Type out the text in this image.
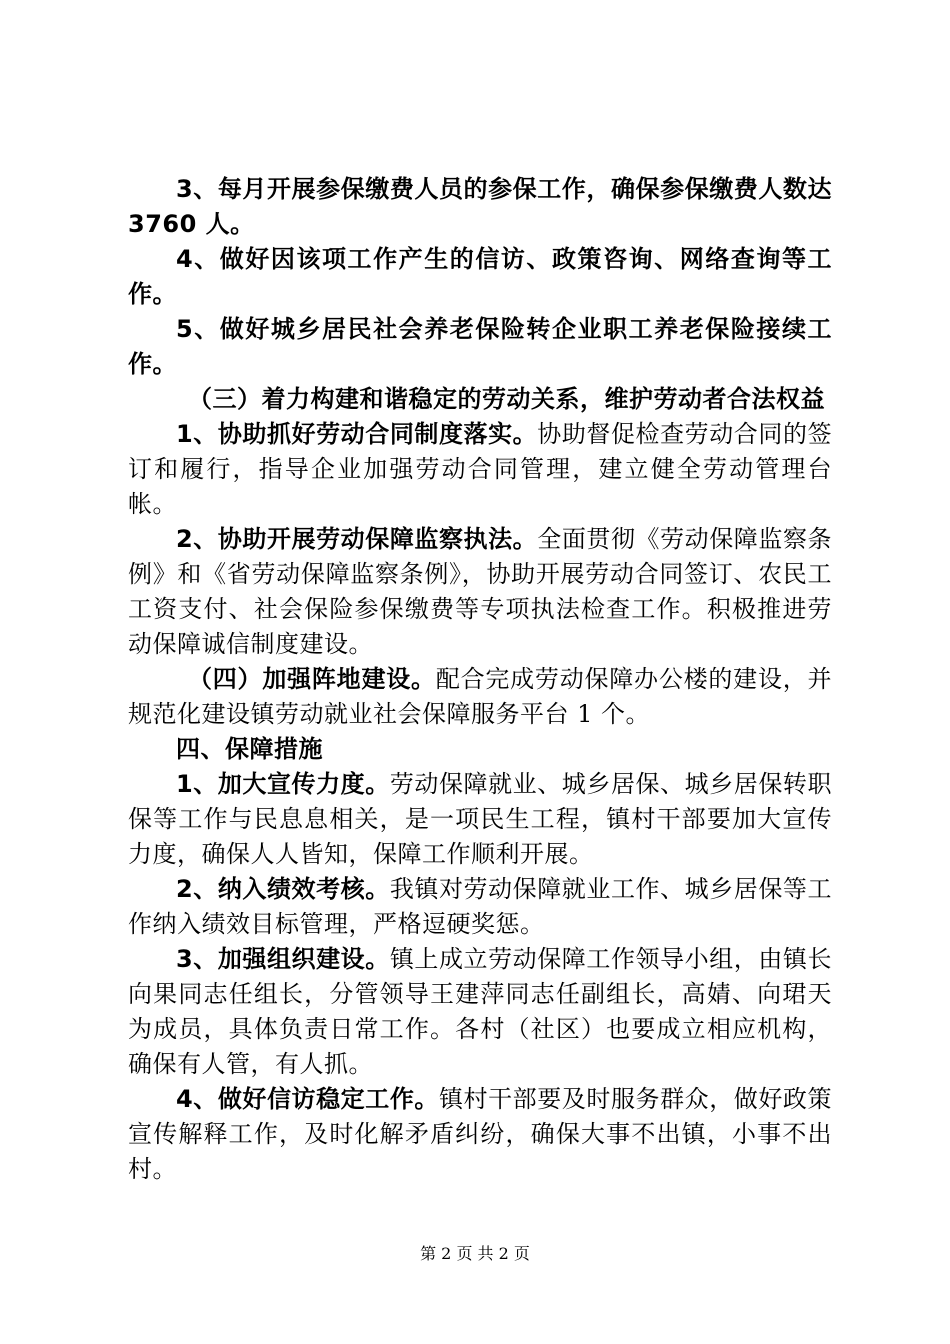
3、每月开展参保缴费人员的参保工作，确保参保缴费人数达 3760 人。

4、做好因该项工作产生的信访、政策咨询、网络查询等工作。

5、做好城乡居民社会养老保险转企业职工养老保险接续工作。

（三）着力构建和谐稳定的劳动关系，维护劳动者合法权益

1、协助抓好劳动合同制度落实。协助督促检查劳动合同的签订和履行，指导企业加强劳动合同管理，建立健全劳动管理台帐。

2、协助开展劳动保障监察执法。全面贯彻《劳动保障监察条例》和《省劳动保障监察条例》，协助开展劳动合同签订、农民工工资支付、社会保险参保缴费等专项执法检查工作。积极推进劳动保障诚信制度建设。

（四）加强阵地建设。配合完成劳动保障办公楼的建设，并规范化建设镇劳动就业社会保障服务平台 1 个。

四、保障措施

1、加大宣传力度。劳动保障就业、城乡居保、城乡居保转职保等工作与民息息相关，是一项民生工程，镇村干部要加大宣传力度，确保人人皆知，保障工作顺利开展。

2、纳入绩效考核。我镇对劳动保障就业工作、城乡居保等工作纳入绩效目标管理，严格逗硬奖惩。

3、加强组织建设。镇上成立劳动保障工作领导小组，由镇长向果同志任组长，分管领导王建萍同志任副组长，高婧、向珺天为成员，具体负责日常工作。各村（社区）也要成立相应机构，确保有人管，有人抓。

4、做好信访稳定工作。镇村干部要及时服务群众，做好政策宣传解释工作，及时化解矛盾纠纷，确保大事不出镇，小事不出村。

第 2 页 共 2 页
